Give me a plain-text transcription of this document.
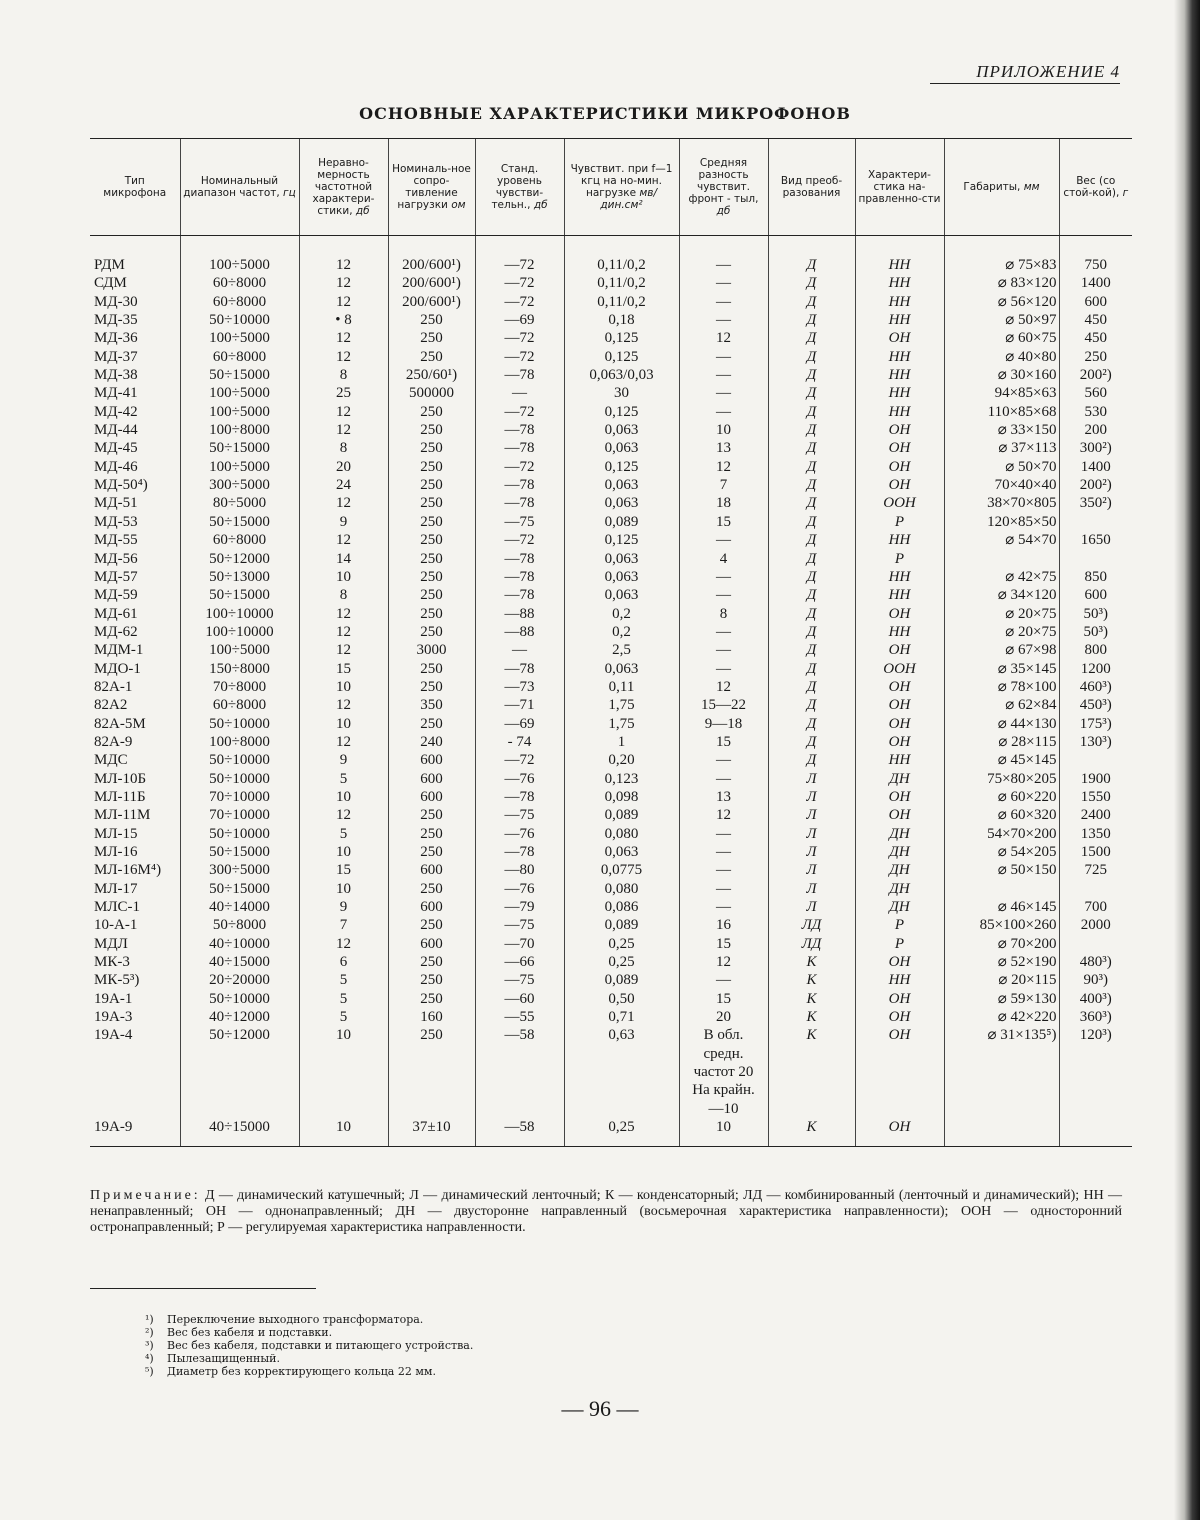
ПРИЛОЖЕНИЕ 4
ОСНОВНЫЕ ХАРАКТЕРИСТИКИ МИКРОФОНОВ
Тип микрофона	Номинальный диапазон частот, гц	Неравно-мерность частотной характери-стики, дб	Номиналь-ное сопро-тивление нагрузки ом	Станд. уровень чувстви-тельн., дб	Чувствит. при f—1 кгц на но-мин. нагрузке мв/дин.см²	Средняя разность чувствит. фронт - тыл, дб	Вид преоб-разования	Характери-стика на-правленно-сти	Габариты, мм	Вес (со стой-кой), г

РДМ	100÷5000	12	200/600¹)	—72	0,11/0,2	—	Д	НН	⌀ 75×83	750
СДМ	60÷8000	12	200/600¹)	—72	0,11/0,2	—	Д	НН	⌀ 83×120	1400
МД-30	60÷8000	12	200/600¹)	—72	0,11/0,2	—	Д	НН	⌀ 56×120	600
МД-35	50÷10000	• 8	250	—69	0,18	—	Д	НН	⌀ 50×97	450
МД-36	100÷5000	12	250	—72	0,125	12	Д	ОН	⌀ 60×75	450
МД-37	60÷8000	12	250	—72	0,125	—	Д	НН	⌀ 40×80	250
МД-38	50÷15000	8	250/60¹)	—78	0,063/0,03	—	Д	НН	⌀ 30×160	200²)
МД-41	100÷5000	25	500000	—	30	—	Д	НН	94×85×63	560
МД-42	100÷5000	12	250	—72	0,125	—	Д	НН	110×85×68	530
МД-44	100÷8000	12	250	—78	0,063	10	Д	ОН	⌀ 33×150	200
МД-45	50÷15000	8	250	—78	0,063	13	Д	ОН	⌀ 37×113	300²)
МД-46	100÷5000	20	250	—72	0,125	12	Д	ОН	⌀ 50×70	1400
МД-50⁴)	300÷5000	24	250	—78	0,063	7	Д	ОН	70×40×40	200²)
МД-51	80÷5000	12	250	—78	0,063	18	Д	ООН	38×70×805	350²)
МД-53	50÷15000	9	250	—75	0,089	15	Д	Р	120×85×50	
МД-55	60÷8000	12	250	—72	0,125	—	Д	НН	⌀ 54×70	1650
МД-56	50÷12000	14	250	—78	0,063	4	Д	Р		
МД-57	50÷13000	10	250	—78	0,063	—	Д	НН	⌀ 42×75	850
МД-59	50÷15000	8	250	—78	0,063	—	Д	НН	⌀ 34×120	600
МД-61	100÷10000	12	250	—88	0,2	8	Д	ОН	⌀ 20×75	50³)
МД-62	100÷10000	12	250	—88	0,2	—	Д	НН	⌀ 20×75	50³)
МДМ-1	100÷5000	12	3000	—	2,5	—	Д	ОН	⌀ 67×98	800
МДО-1	150÷8000	15	250	—78	0,063	—	Д	ООН	⌀ 35×145	1200
82А-1	70÷8000	10	250	—73	0,11	12	Д	ОН	⌀ 78×100	460³)
82А2	60÷8000	12	350	—71	1,75	15—22	Д	ОН	⌀ 62×84	450³)
82А-5М	50÷10000	10	250	—69	1,75	9—18	Д	ОН	⌀ 44×130	175³)
82А-9	100÷8000	12	240	- 74	1	15	Д	ОН	⌀ 28×115	130³)
МДС	50÷10000	9	600	—72	0,20	—	Д	НН	⌀ 45×145	
МЛ-10Б	50÷10000	5	600	—76	0,123	—	Л	ДН	75×80×205	1900
МЛ-11Б	70÷10000	10	600	—78	0,098	13	Л	ОН	⌀ 60×220	1550
МЛ-11М	70÷10000	12	250	—75	0,089	12	Л	ОН	⌀ 60×320	2400
МЛ-15	50÷10000	5	250	—76	0,080	—	Л	ДН	54×70×200	1350
МЛ-16	50÷15000	10	250	—78	0,063	—	Л	ДН	⌀ 54×205	1500
МЛ-16М⁴)	300÷5000	15	600	—80	0,0775	—	Л	ДН	⌀ 50×150	725
МЛ-17	50÷15000	10	250	—76	0,080	—	Л	ДН		
МЛС-1	40÷14000	9	600	—79	0,086	—	Л	ДН	⌀ 46×145	700
10-А-1	50÷8000	7	250	—75	0,089	16	ЛД	Р	85×100×260	2000
МДЛ	40÷10000	12	600	—70	0,25	15	ЛД	Р	⌀ 70×200	
МК-3	40÷15000	6	250	—66	0,25	12	К	ОН	⌀ 52×190	480³)
МК-5³)	20÷20000	5	250	—75	0,089	—	К	НН	⌀ 20×115	90³)
19А-1	50÷10000	5	250	—60	0,50	15	К	ОН	⌀ 59×130	400³)
19А-3	40÷12000	5	160	—55	0,71	20	К	ОН	⌀ 42×220	360³)
19А-4	50÷12000	10	250	—58	0,63	В обл.	К	ОН	⌀ 31×135⁵)	120³)
						средн.				
						частот 20				
						На крайн.				
						—10				

19А-9	40÷15000	10	37±10	—58	0,25	10	К	ОН		
Примечание: Д — динамический катушечный; Л — динамический ленточный; К — конденсаторный; ЛД — комбинированный (ленточный и динамический); НН — ненаправленный; ОН — однонаправленный; ДН — двусторонне направленный (восьмерочная характеристика направленности); ООН — односторонний остронаправленный; Р — регулируемая характеристика направленности.
¹) Переключение выходного трансформатора.
²) Вес без кабеля и подставки.
³) Вес без кабеля, подставки и питающего устройства.
⁴) Пылезащищенный.
⁵) Диаметр без корректирующего кольца 22 мм.
— 96 —
